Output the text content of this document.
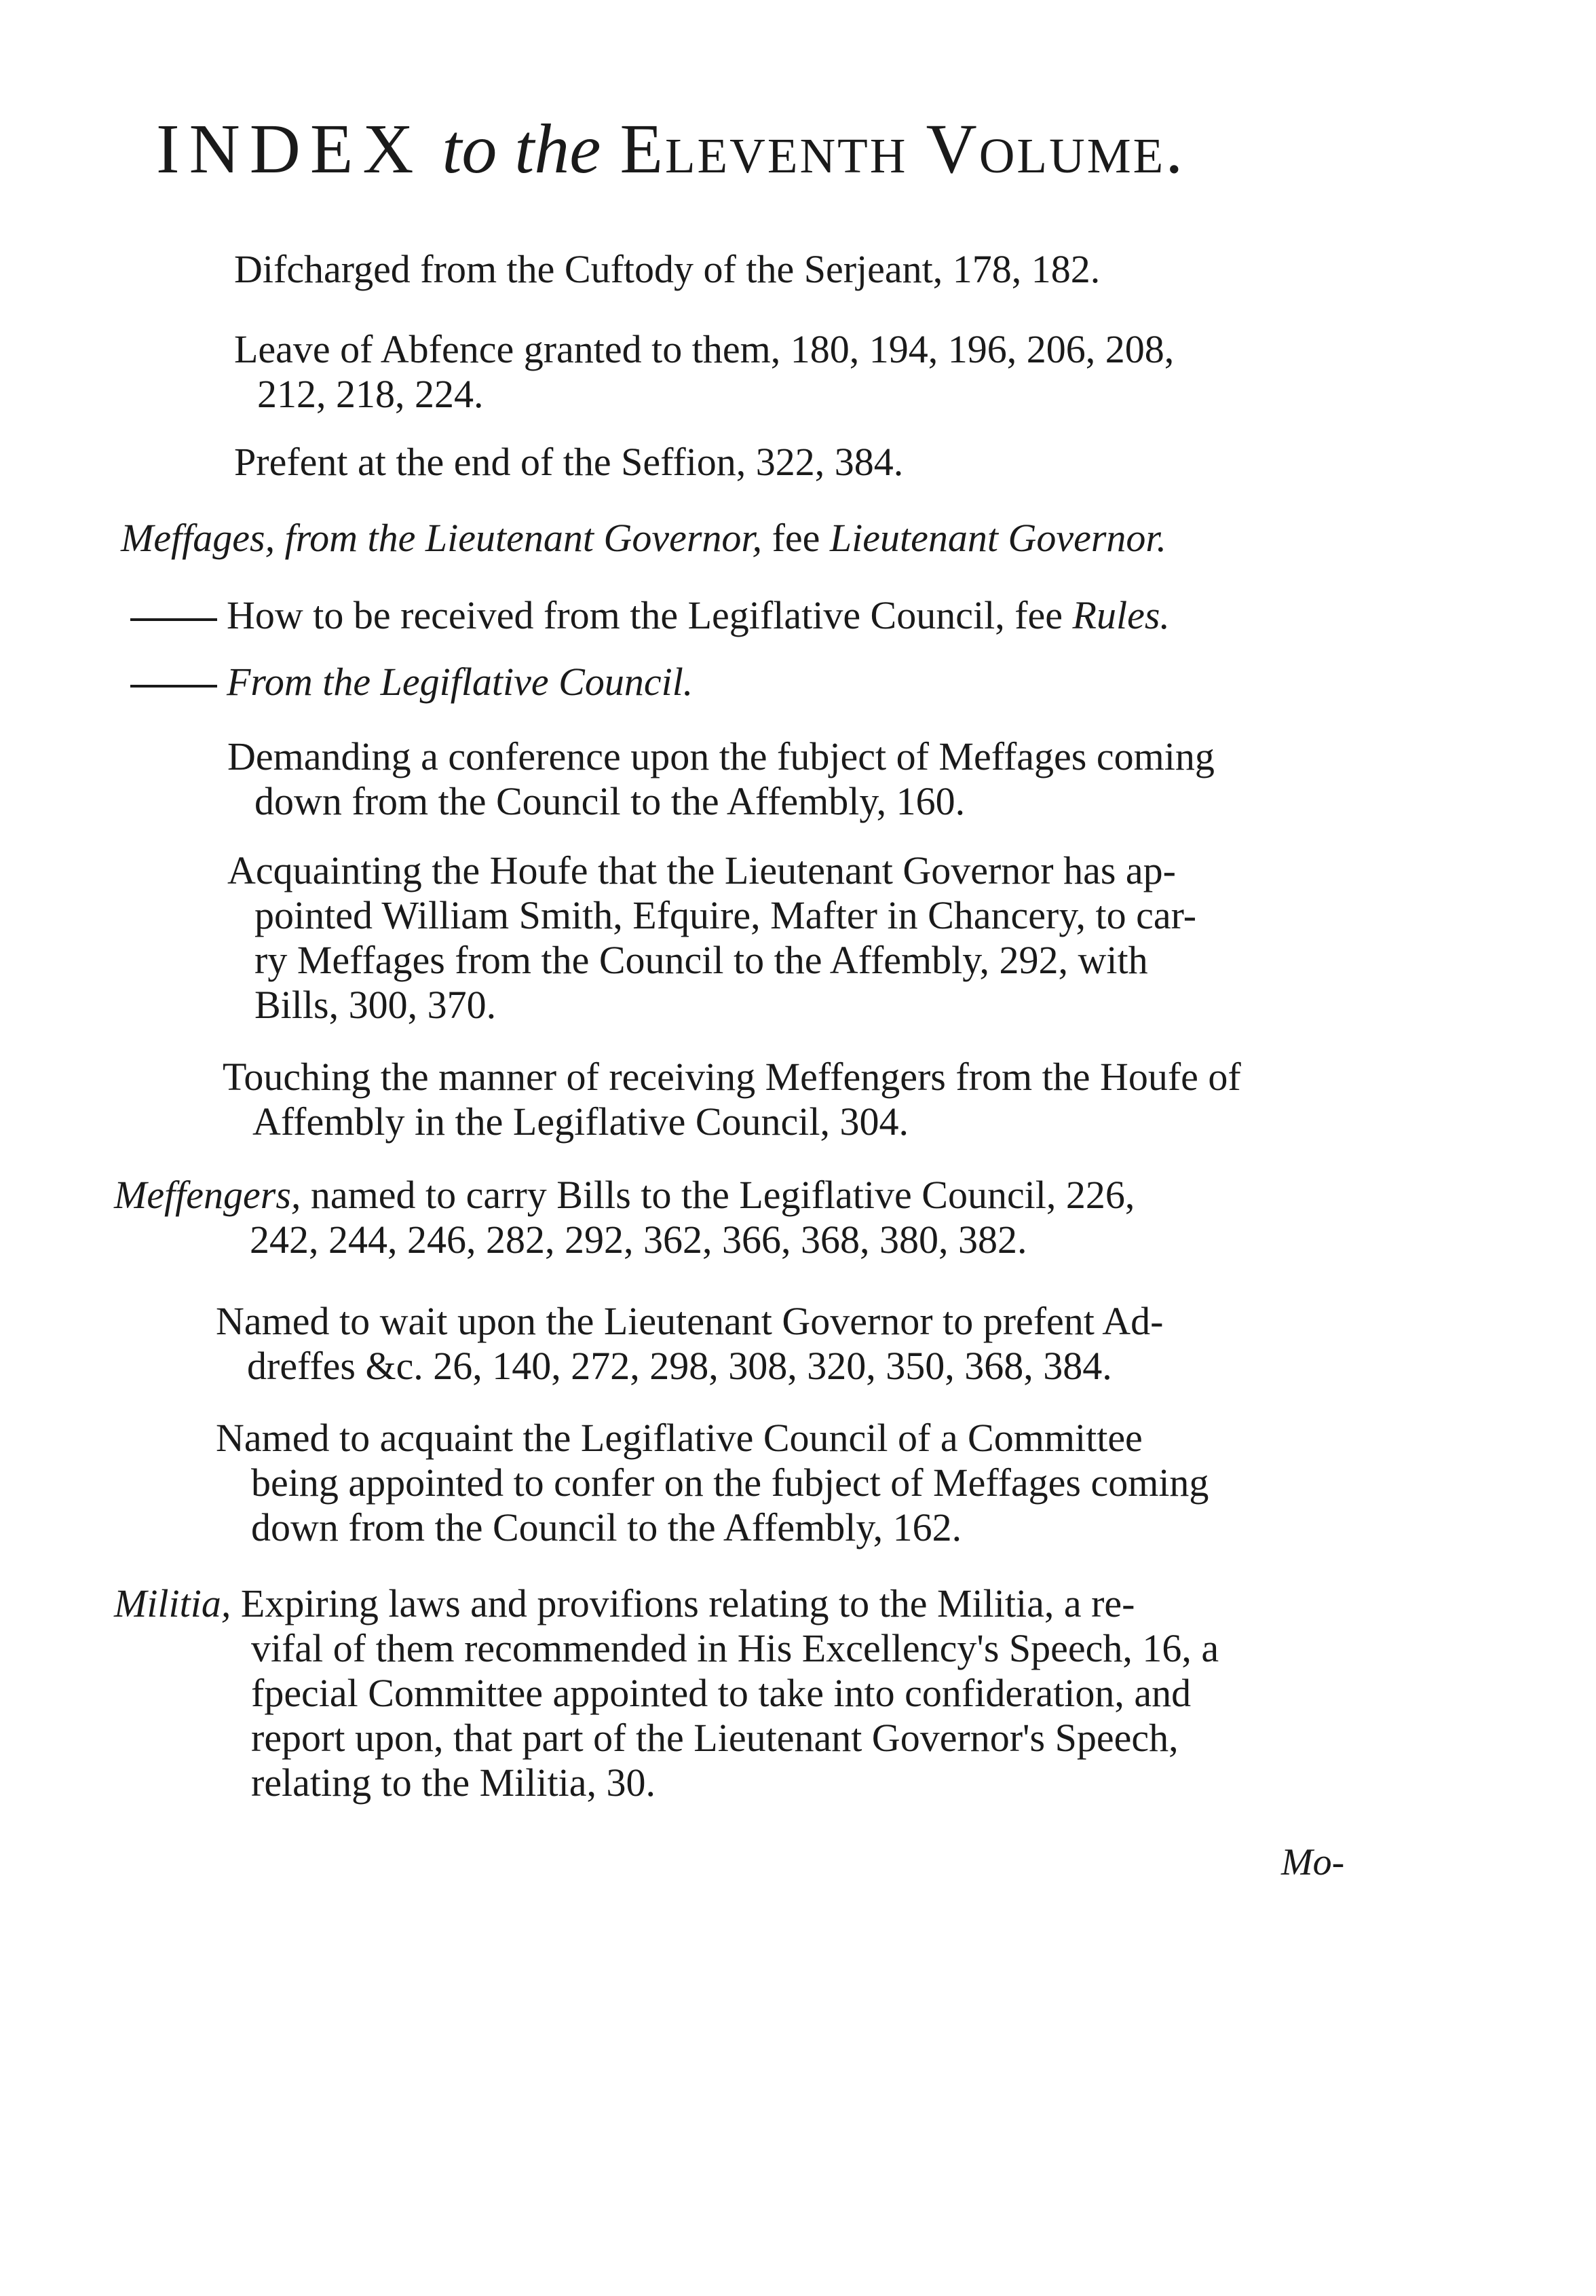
INDEX to the Eleventh Volume.
Difcharged from the Cuftody of the Serjeant, 178, 182.
Leave of Abfence granted to them, 180, 194, 196, 206, 208,
212, 218, 224.
Prefent at the end of the Seffion, 322, 384.
Meffages, from the Lieutenant Governor, fee Lieutenant Governor.
How to be received from the Legiflative Council, fee Rules.
From the Legiflative Council.
Demanding a conference upon the fubject of Meffages coming
down from the Council to the Affembly, 160.
Acquainting the Houfe that the Lieutenant Governor has ap-
pointed William Smith, Efquire, Mafter in Chancery, to car-
ry Meffages from the Council to the Affembly, 292, with
Bills, 300, 370.
Touching the manner of receiving Meffengers from the Houfe of
Affembly in the Legiflative Council, 304.
Meffengers, named to carry Bills to the Legiflative Council, 226,
242, 244, 246, 282, 292, 362, 366, 368, 380, 382.
Named to wait upon the Lieutenant Governor to prefent Ad-
dreffes &c. 26, 140, 272, 298, 308, 320, 350, 368, 384.
Named to acquaint the Legiflative Council of a Committee
being appointed to confer on the fubject of Meffages coming
down from the Council to the Affembly, 162.
Militia, Expiring laws and provifions relating to the Militia, a re-
vifal of them recommended in His Excellency's Speech, 16, a
fpecial Committee appointed to take into confideration, and
report upon, that part of the Lieutenant Governor's Speech,
relating to the Militia, 30.
Mo-
